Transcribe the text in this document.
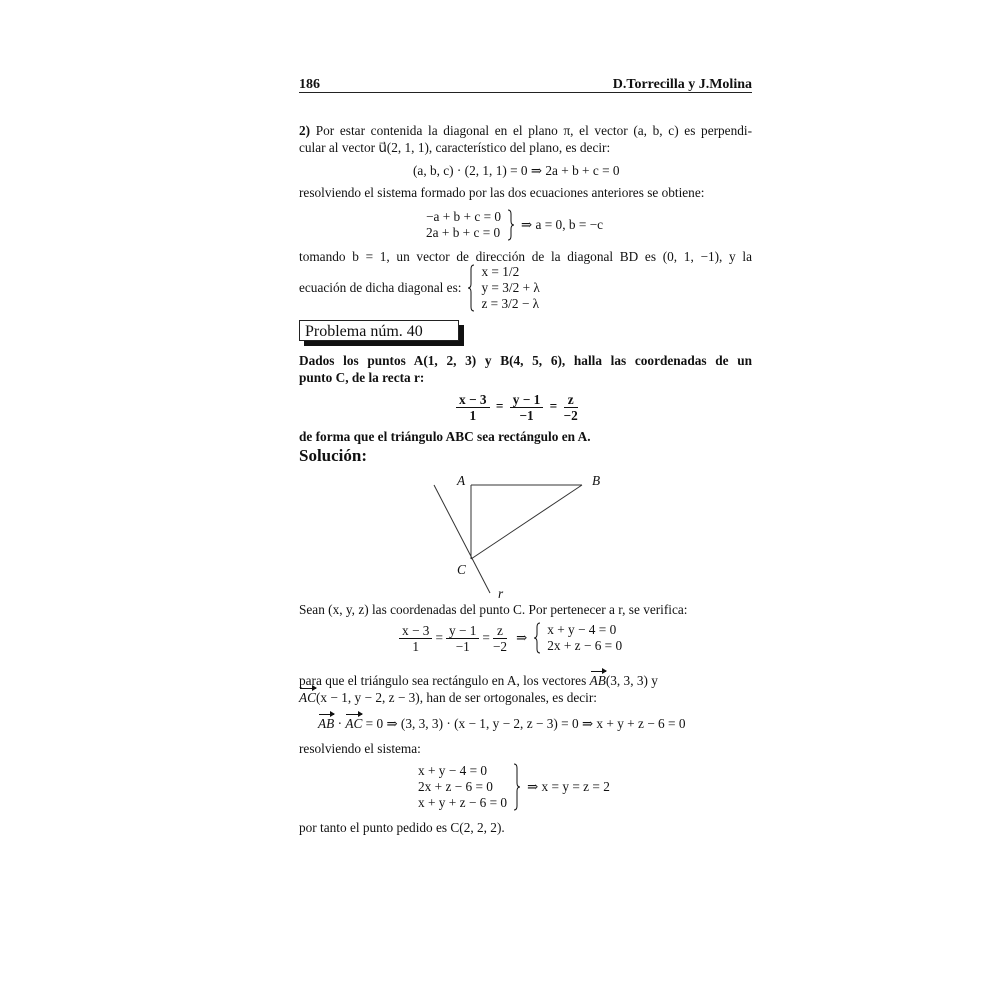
186	D.Torrecilla y J.Molina
2) Por estar contenida la diagonal en el plano π, el vector (a, b, c) es perpendi-
cular al vector u⃗(2, 1, 1), característico del plano, es decir:
(a, b, c) · (2, 1, 1) = 0 ⇒ 2a + b + c = 0
resolviendo el sistema formado por las dos ecuaciones anteriores se obtiene:
−a + b + c = 0
2a + b + c = 0
⇒ a = 0, b = −c
tomando b = 1, un vector de dirección de la diagonal BD es (0, 1, −1), y la
ecuación de dicha diagonal es:
x = 1/2
y = 3/2 + λ
z = 3/2 − λ
Problema núm. 40
Dados los puntos A(1, 2, 3) y B(4, 5, 6), halla las coordenadas de un
punto C, de la recta r:
$\frac{x - 3}{1} = \frac{y - 1}{-1} = \frac{z}{-2}$
de forma que el triángulo ABC sea rectángulo en A.
Solución:
A	B
C
r
Sean (x, y, z) las coordenadas del punto C. Por pertenecer a r, se verifica:
$\frac{x - 3}{1} = \frac{y - 1}{-1} = \frac{z}{-2}$ ⇒
x + y − 4 = 0
2x + z − 6 = 0
para que el triángulo sea rectángulo en A, los vectores AB(3, 3, 3) y
AC(x − 1, y − 2, z − 3), han de ser ortogonales, es decir:
AB · AC = 0 ⇒ (3, 3, 3) · (x − 1, y − 2, z − 3) = 0 ⇒ x + y + z − 6 = 0
resolviendo el sistema:
x + y − 4 = 0
2x + z − 6 = 0
x + y + z − 6 = 0
⇒ x = y = z = 2
por tanto el punto pedido es C(2, 2, 2).
